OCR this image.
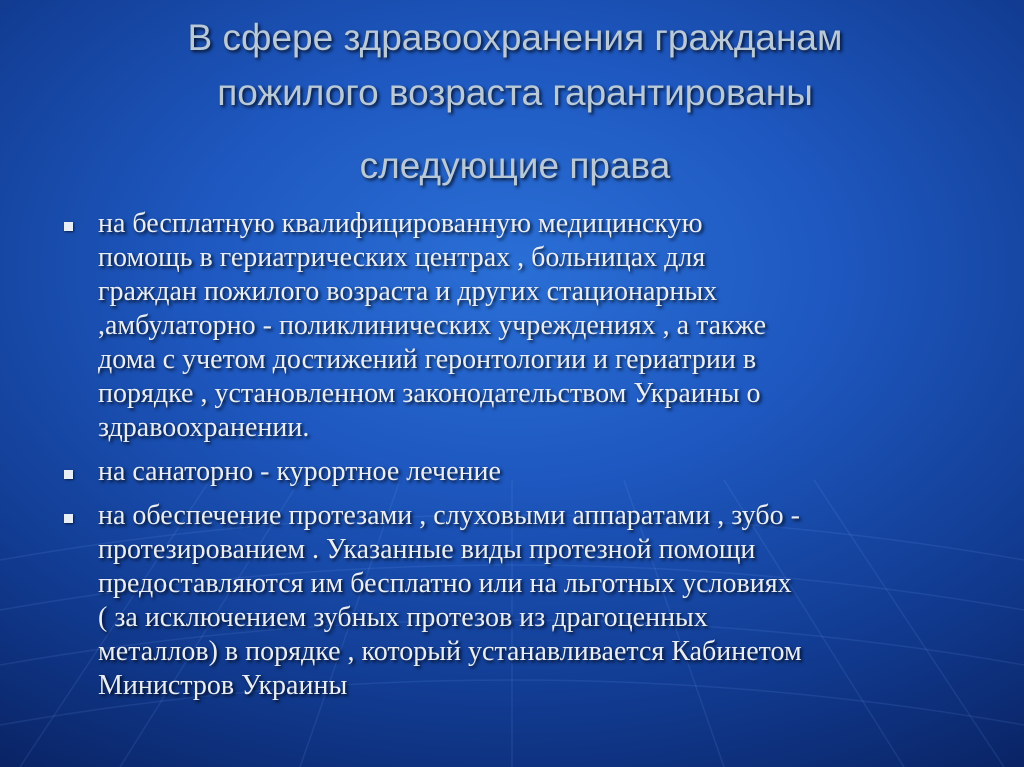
В сфере здравоохранения гражданам
пожилого возраста гарантированы
следующие права
на бесплатную квалифицированную медицинскую
помощь в гериатрических центрах , больницах для
граждан пожилого возраста и других стационарных
,амбулаторно - поликлинических учреждениях , а также
дома с учетом достижений геронтологии и гериатрии в
порядке , установленном законодательством Украины о
здравоохранении.
на санаторно - курортное лечение
на обеспечение протезами , слуховыми аппаратами , зубо -
протезированием . Указанные виды протезной помощи
предоставляются им бесплатно или на льготных условиях
( за исключением зубных протезов из драгоценных
металлов) в порядке , который устанавливается Кабинетом
Министров Украины
